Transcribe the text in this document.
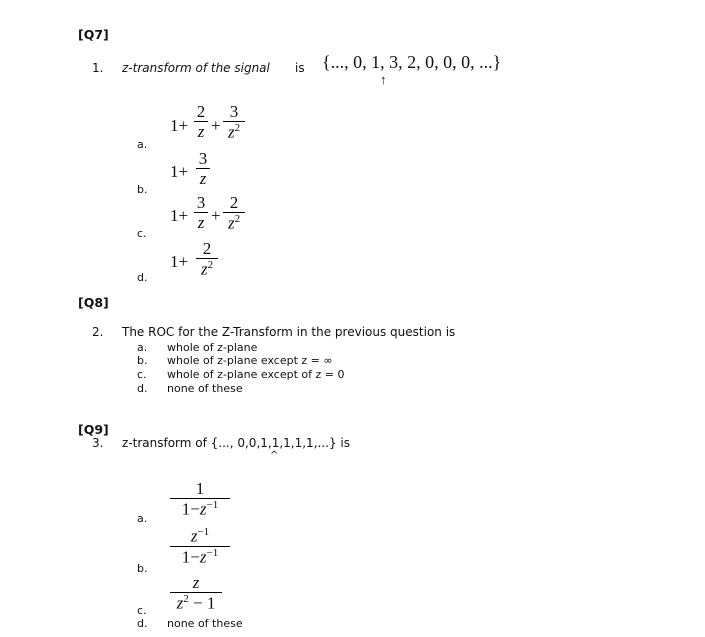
[Q7]
1. z-transform of the signal is {..., 0, 1, 3, 2, 0, 0, 0, ...}
↑
a.
1+
2
z +
3
$z^2$
b.
1+
3
z
c.
1+
3
z +
2
$z^2$
d.
1+
2
$z^2$
[Q8]
2. The ROC for the Z-Transform in the previous question is
a. whole of z-plane
b. whole of z-plane except z = ∞
c. whole of z-plane except of z = 0
d. none of these
[Q9]
3. z-transform of {..., 0,0,1,1,1,1,1,...} is
^
a.
1
$1-z^{-1}$
b.
$z^{-1}$
$1-z^{-1}$
c.
z
$z^2 - 1$
d. none of these
